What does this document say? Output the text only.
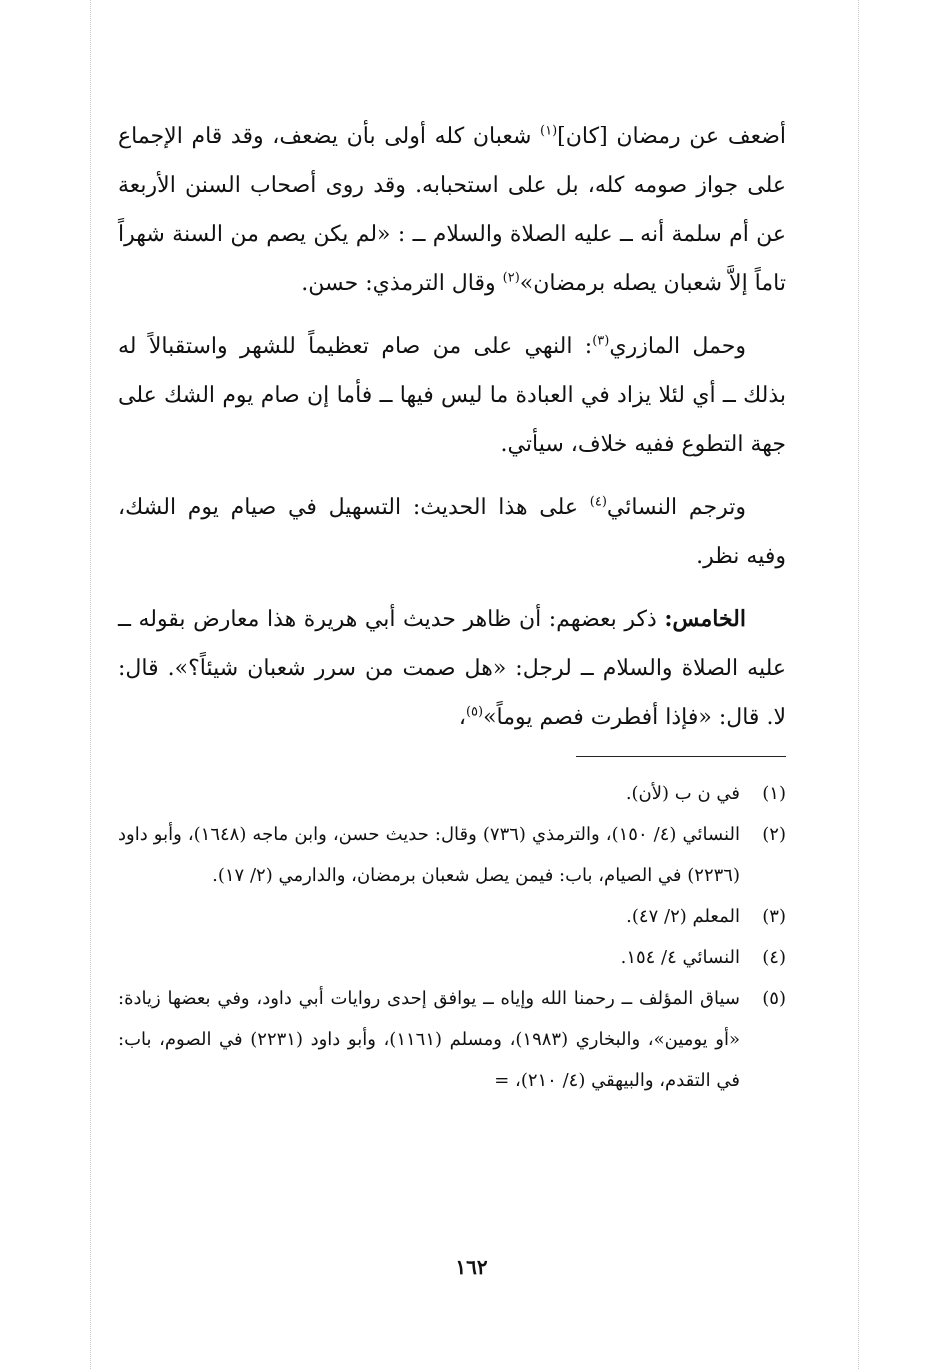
أضعف عن رمضان [كان]$^{(١)}$ شعبان كله أولى بأن يضعف، وقد قام الإجماع على جواز صومه كله، بل على استحبابه. وقد روى أصحاب السنن الأربعة عن أم سلمة أنه ــ عليه الصلاة والسلام ــ : «لم يكن يصم من السنة شهراً تاماً إلاَّ شعبان يصله برمضان»$^{(٢)}$ وقال الترمذي: حسن.

وحمل المازري$^{(٣)}$: النهي على من صام تعظيماً للشهر واستقبالاً له بذلك ــ أي لئلا يزاد في العبادة ما ليس فيها ــ فأما إن صام يوم الشك على جهة التطوع ففيه خلاف، سيأتي.

وترجم النسائي$^{(٤)}$ على هذا الحديث: التسهيل في صيام يوم الشك، وفيه نظر.

الخامس: ذكر بعضهم: أن ظاهر حديث أبي هريرة هذا معارض بقوله ــ عليه الصلاة والسلام ــ لرجل: «هل صمت من سرر شعبان شيئاً؟». قال: لا. قال: «فإذا أفطرت فصم يوماً»$^{(٥)}$،

(١)
في ن ب (لأن).
(٢)
النسائي (٤/ ١٥٠)، والترمذي (٧٣٦) وقال: حديث حسن، وابن ماجه (١٦٤٨)، وأبو داود (٢٢٣٦) في الصيام، باب: فيمن يصل شعبان برمضان، والدارمي (٢/ ١٧).
(٣)
المعلم (٢/ ٤٧).
(٤)
النسائي ٤/ ١٥٤.
(٥)
سياق المؤلف ــ رحمنا الله وإياه ــ يوافق إحدى روايات أبي داود، وفي بعضها زيادة: «أو يومين»، والبخاري (١٩٨٣)، ومسلم (١١٦١)، وأبو داود (٢٢٣١) في الصوم، باب: في التقدم، والبيهقي (٤/ ٢١٠)، =
١٦٢
